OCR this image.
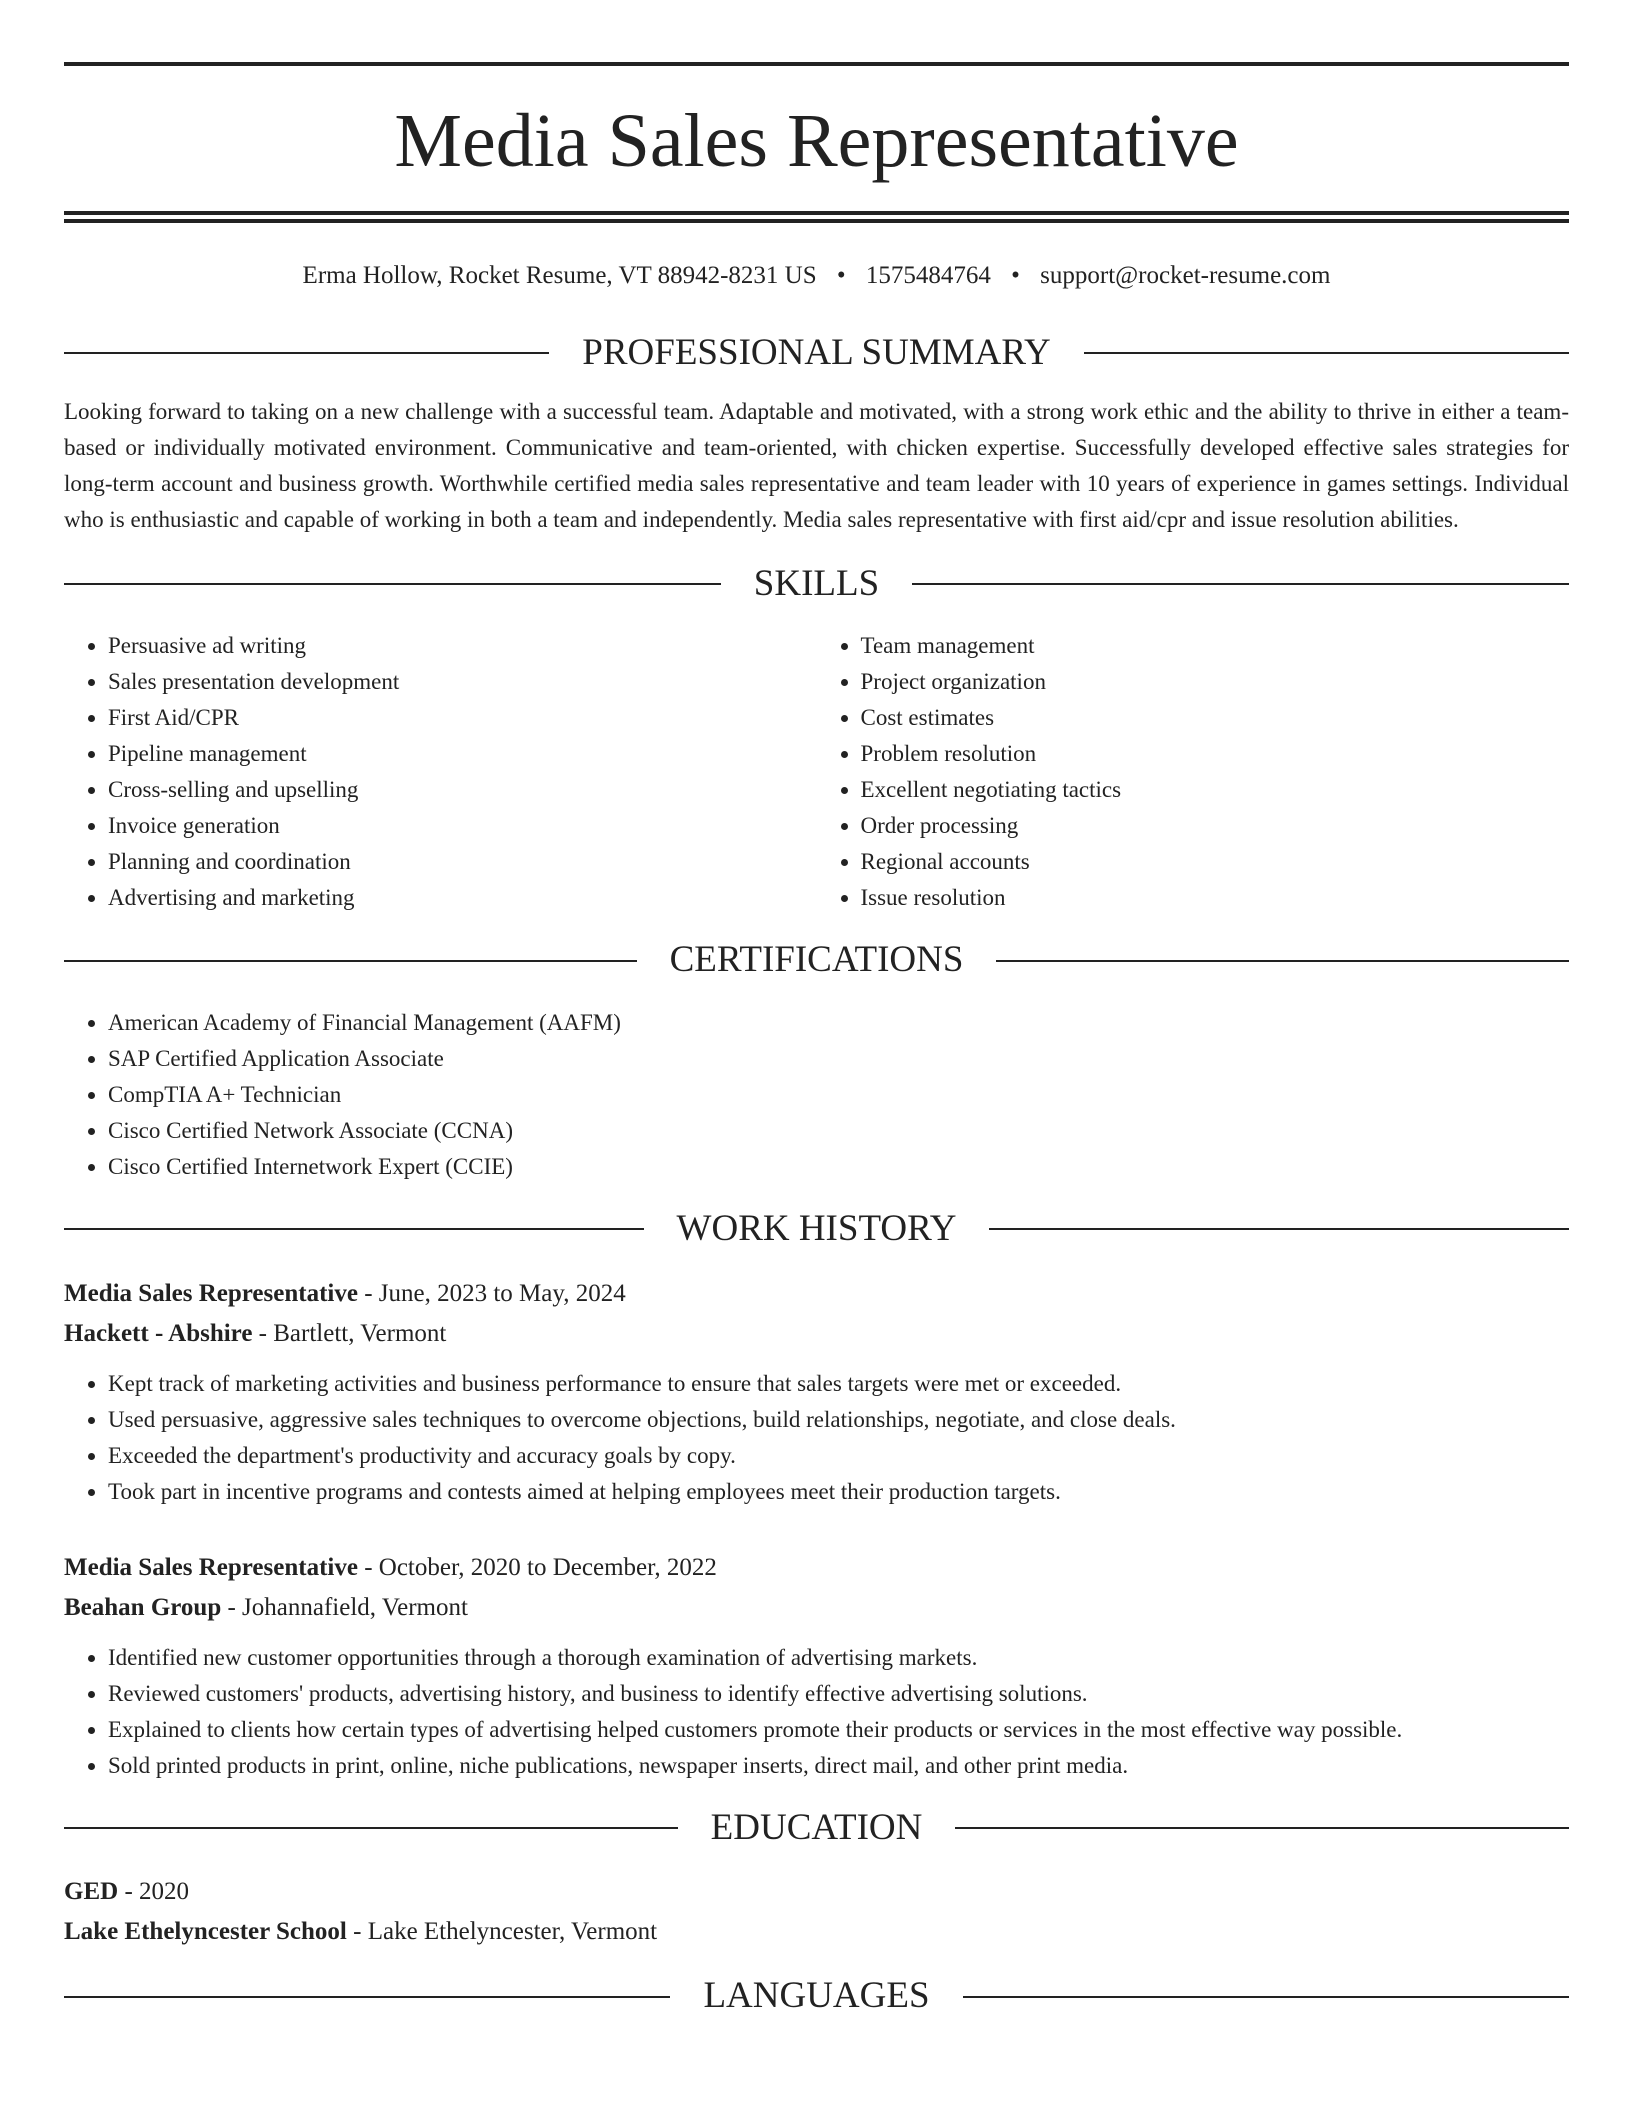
Media Sales Representative
Erma Hollow, Rocket Resume, VT 88942-8231 US • 1575484764 • support@rocket-resume.com
PROFESSIONAL SUMMARY

Looking forward to taking on a new challenge with a successful team. Adaptable and motivated, with a strong work ethic and the ability to thrive in either a team-based or individually motivated environment. Communicative and team-oriented, with chicken expertise. Successfully developed effective sales strategies for long-term account and business growth. Worthwhile certified media sales representative and team leader with 10 years of experience in games settings. Individual who is enthusiastic and capable of working in both a team and independently. Media sales representative with first aid/cpr and issue resolution abilities.

SKILLS
• Persuasive ad writing
• Sales presentation development
• First Aid/CPR
• Pipeline management
• Cross-selling and upselling
• Invoice generation
• Planning and coordination
• Advertising and marketing
• Team management
• Project organization
• Cost estimates
• Problem resolution
• Excellent negotiating tactics
• Order processing
• Regional accounts
• Issue resolution
CERTIFICATIONS
• American Academy of Financial Management (AAFM)
• SAP Certified Application Associate
• CompTIA A+ Technician
• Cisco Certified Network Associate (CCNA)
• Cisco Certified Internetwork Expert (CCIE)
WORK HISTORY
Media Sales Representative - June, 2023 to May, 2024
Hackett - Abshire - Bartlett, Vermont
• Kept track of marketing activities and business performance to ensure that sales targets were met or exceeded.
• Used persuasive, aggressive sales techniques to overcome objections, build relationships, negotiate, and close deals.
• Exceeded the department's productivity and accuracy goals by copy.
• Took part in incentive programs and contests aimed at helping employees meet their production targets.
Media Sales Representative - October, 2020 to December, 2022
Beahan Group - Johannafield, Vermont
• Identified new customer opportunities through a thorough examination of advertising markets.
• Reviewed customers' products, advertising history, and business to identify effective advertising solutions.
• Explained to clients how certain types of advertising helped customers promote their products or services in the most effective way possible.
• Sold printed products in print, online, niche publications, newspaper inserts, direct mail, and other print media.
EDUCATION
GED - 2020
Lake Ethelyncester School - Lake Ethelyncester, Vermont
LANGUAGES
